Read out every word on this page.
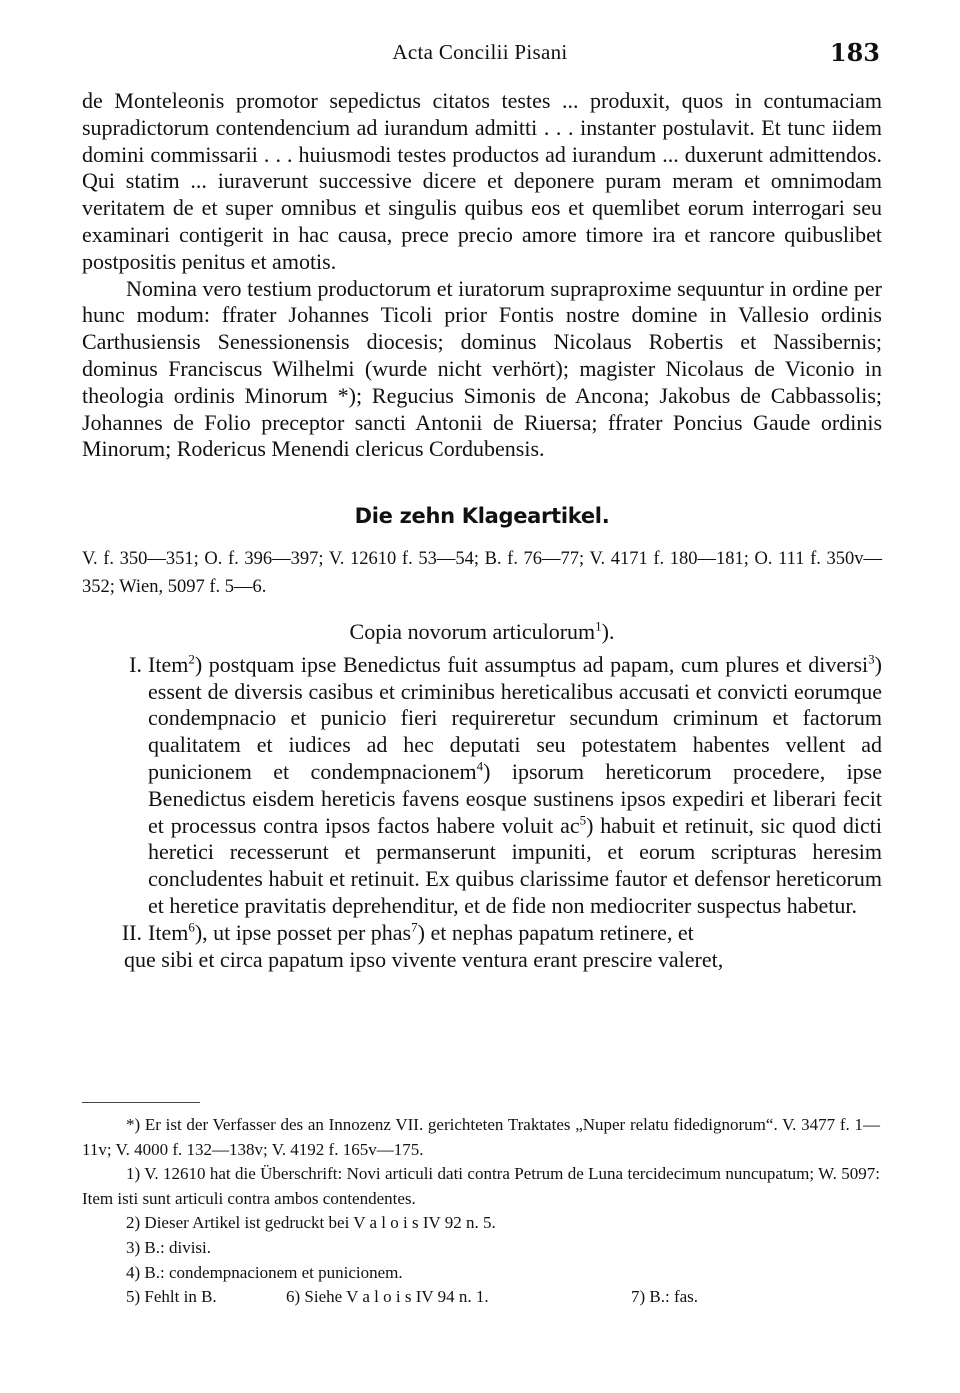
Acta Concilii Pisani	183

de Monteleonis promotor sepedictus citatos testes ... produxit, quos in contumaciam supradictorum contendencium ad iurandum admitti . . . instanter postulavit. Et tunc iidem domini commissarii . . . huiusmodi testes productos ad iurandum ... duxerunt admittendos. Qui statim ... iuraverunt successive dicere et deponere puram meram et omnimodam veritatem de et super omnibus et singulis quibus eos et quemlibet eorum interrogari seu examinari contigerit in hac causa, prece precio amore timore ira et rancore quibuslibet postpositis penitus et amotis.

Nomina vero testium productorum et iuratorum supraproxime sequuntur in ordine per hunc modum: ffrater Johannes Ticoli prior Fontis nostre domine in Vallesio ordinis Carthusiensis Senessionensis diocesis; dominus Nicolaus Robertis et Nassibernis; dominus Franciscus Wilhelmi (wurde nicht verhört); magister Nicolaus de Viconio in theologia ordinis Minorum *); Regucius Simonis de Ancona; Jakobus de Cabbassolis; Johannes de Folio preceptor sancti Antonii de Riuersa; ffrater Poncius Gaude ordinis Minorum; Rodericus Menendi clericus Cordubensis.

Die zehn Klageartikel.

V. f. 350—351; O. f. 396—397; V. 12610 f. 53—54; B. f. 76—77; V. 4171 f. 180—181; O. 111 f. 350v—352; Wien, 5097 f. 5—6.

Copia novorum articulorum$^1$).
I. Item$^2$) postquam ipse Benedictus fuit assumptus ad papam, cum plures et diversi$^3$) essent de diversis casibus et criminibus hereticalibus accusati et convicti eorumque condempnacio et punicio fieri requireretur secundum criminum et factorum qualitatem et iudices ad hec deputati seu potestatem habentes vellent ad punicionem et condempnacionem$^4$) ipsorum hereticorum procedere, ipse Benedictus eisdem hereticis favens eosque sustinens ipsos expediri et liberari fecit et processus contra ipsos factos habere voluit $ac^5$) habuit et retinuit, sic quod dicti heretici recesserunt et permanserunt impuniti, et eorum scripturas heresim concludentes habuit et retinuit. Ex quibus clarissime fautor et defensor hereticorum et heretice pravitatis deprehenditur, et de fide non mediocriter suspectus habetur.
II. Item$^6$), ut ipse posset per phas$^7$) et nephas papatum retinere, et

que sibi et circa papatum ipso vivente ventura erant prescire valeret,

*) Er ist der Verfasser des an Innozenz VII. gerichteten Traktates „Nuper relatu fidedignorum“. V. 3477 f. 1—11v; V. 4000 f. 132—138v; V. 4192 f. 165v—175.

1) V. 12610 hat die Überschrift: Novi articuli dati contra Petrum de Luna tercidecimum nuncupatum; W. 5097: Item isti sunt articuli contra ambos contendentes.

2) Dieser Artikel ist gedruckt bei V a l o i s IV 92 n. 5.

3) B.: divisi.

4) B.: condempnacionem et punicionem.

5) Fehlt in B.	6) Siehe V a l o i s IV 94 n. 1.	7) B.: fas.
